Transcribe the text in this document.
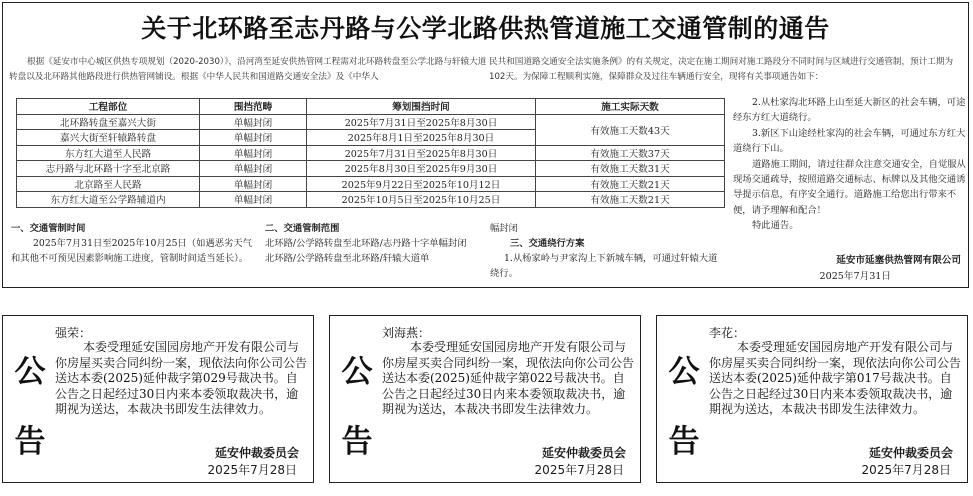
关于北环路至志丹路与公学北路供热管道施工交通管制的通告
根据《延安市中心城区供热专项规划（2020-2030）》，沿河湾至延安供热管网工程需对北环路转盘至公学北路与轩辕大道转盘以及北环路其他路段进行供热管网铺设。根据《中华人民共和国道路交通安全法》及《中华人
民共和国道路交通安全法实施条例》的有关规定，决定在施工期间对施工路段分不同时间与区域进行交通管制，预计工期为102天。为保障工程顺利实施，保障群众及过往车辆通行安全，现将有关事项通告如下：
工程部位	围挡范畴	筹划围挡时间	施工实际天数
北环路转盘至嘉兴大街	单幅封闭	2025年7月31日至2025年8月30日	有效施工天数43天
嘉兴大街至轩辕路转盘	单幅封闭	2025年8月1日至2025年8月30日	
东方红大道至人民路	单幅封闭	2025年7月31日至2025年8月30日	有效施工天数37天
志丹路与北环路十字至北京路	单幅封闭	2025年8月30日至2025年9月30日	有效施工天数31天
北京路至人民路	单幅封闭	2025年9月22日至2025年10月12日	有效施工天数21天
东方红大道至公学路辅道内	单幅封闭	2025年10月5日至2025年10月25日	有效施工天数21天

2.从杜家沟北环路上山至延大新区的社会车辆，可途经东方红大道绕行。

3.新区下山途经杜家沟的社会车辆，可通过东方红大道绕行下山。

道路施工期间，请过往群众注意交通安全，自觉服从现场交通疏导，按照道路交通标志、标牌以及其他交通诱导提示信息，有序安全通行。道路施工给您出行带来不便，请予理解和配合！

特此通告。

延安市延塞供热管网有限公司
2025年7月31日
一、交通管制时间

2025年7月31日至2025年10月25日（如遇恶劣天气和其他不可预见因素影响施工进度，管制时间适当延长）。

二、交通管制范围

北环路/公学路转盘至北环路/志丹路十字单幅封闭

北环路/公学路转盘至北环路/轩辕大道单

幅封闭

三、交通绕行方案

1.从杨家岭与尹家沟上下新城车辆，可通过轩辕大道绕行。

公
告
强荣：

本委受理延安国园房地产开发有限公司与你房屋买卖合同纠纷一案，现依法向你公司公告送达本委(2025)延仲裁字第029号裁决书。自公告之日起经过30日内来本委领取裁决书，逾期视为送达，本裁决书即发生法律效力。

延安仲裁委员会
2025年7月28日
公
告
刘海燕：

本委受理延安国园房地产开发有限公司与你房屋买卖合同纠纷一案，现依法向你公司公告送达本委(2025)延仲裁字第022号裁决书。自公告之日起经过30日内来本委领取裁决书，逾期视为送达，本裁决书即发生法律效力。

延安仲裁委员会
2025年7月28日
公
告
李花：

本委受理延安国园房地产开发有限公司与你房屋买卖合同纠纷一案，现依法向你公司公告送达本委(2025)延仲裁字第017号裁决书。自公告之日起经过30日内来本委领取裁决书，逾期视为送达，本裁决书即发生法律效力。

延安仲裁委员会
2025年7月28日
